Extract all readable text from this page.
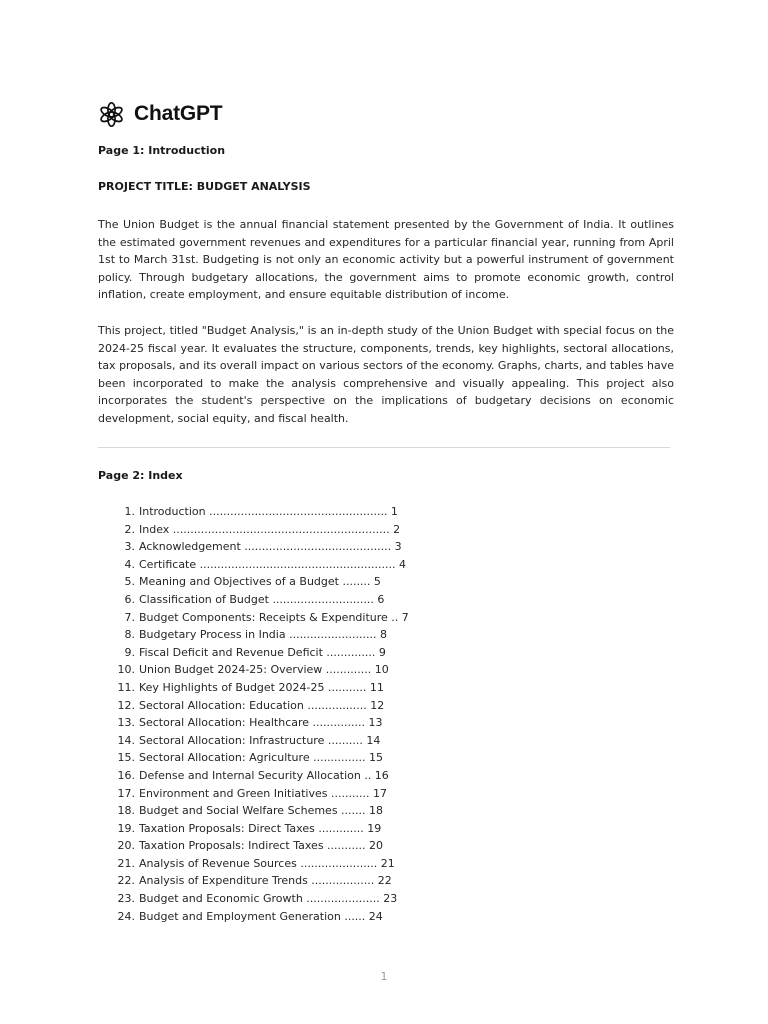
ChatGPT
Page 1: Introduction
PROJECT TITLE: BUDGET ANALYSIS
The Union Budget is the annual financial statement presented by the Government of India. It outlines the estimated government revenues and expenditures for a particular financial year, running from April 1st to March 31st. Budgeting is not only an economic activity but a powerful instrument of government policy. Through budgetary allocations, the government aims to promote economic growth, control inflation, create employment, and ensure equitable distribution of income.
This project, titled "Budget Analysis," is an in-depth study of the Union Budget with special focus on the 2024-25 fiscal year. It evaluates the structure, components, trends, key highlights, sectoral allocations, tax proposals, and its overall impact on various sectors of the economy. Graphs, charts, and tables have been incorporated to make the analysis comprehensive and visually appealing. This project also incorporates the student's perspective on the implications of budgetary decisions on economic development, social equity, and fiscal health.
Page 2: Index
1. Introduction ................................................... 1
2. Index .............................................................. 2
3. Acknowledgement .......................................... 3
4. Certificate ........................................................ 4
5. Meaning and Objectives of a Budget ........ 5
6. Classification of Budget ............................. 6
7. Budget Components: Receipts & Expenditure .. 7
8. Budgetary Process in India ......................... 8
9. Fiscal Deficit and Revenue Deficit .............. 9
10. Union Budget 2024-25: Overview ............. 10
11. Key Highlights of Budget 2024-25 ........... 11
12. Sectoral Allocation: Education ................. 12
13. Sectoral Allocation: Healthcare ............... 13
14. Sectoral Allocation: Infrastructure .......... 14
15. Sectoral Allocation: Agriculture ............... 15
16. Defense and Internal Security Allocation .. 16
17. Environment and Green Initiatives ........... 17
18. Budget and Social Welfare Schemes ....... 18
19. Taxation Proposals: Direct Taxes ............. 19
20. Taxation Proposals: Indirect Taxes ........... 20
21. Analysis of Revenue Sources ...................... 21
22. Analysis of Expenditure Trends .................. 22
23. Budget and Economic Growth ..................... 23
24. Budget and Employment Generation ...... 24
1
